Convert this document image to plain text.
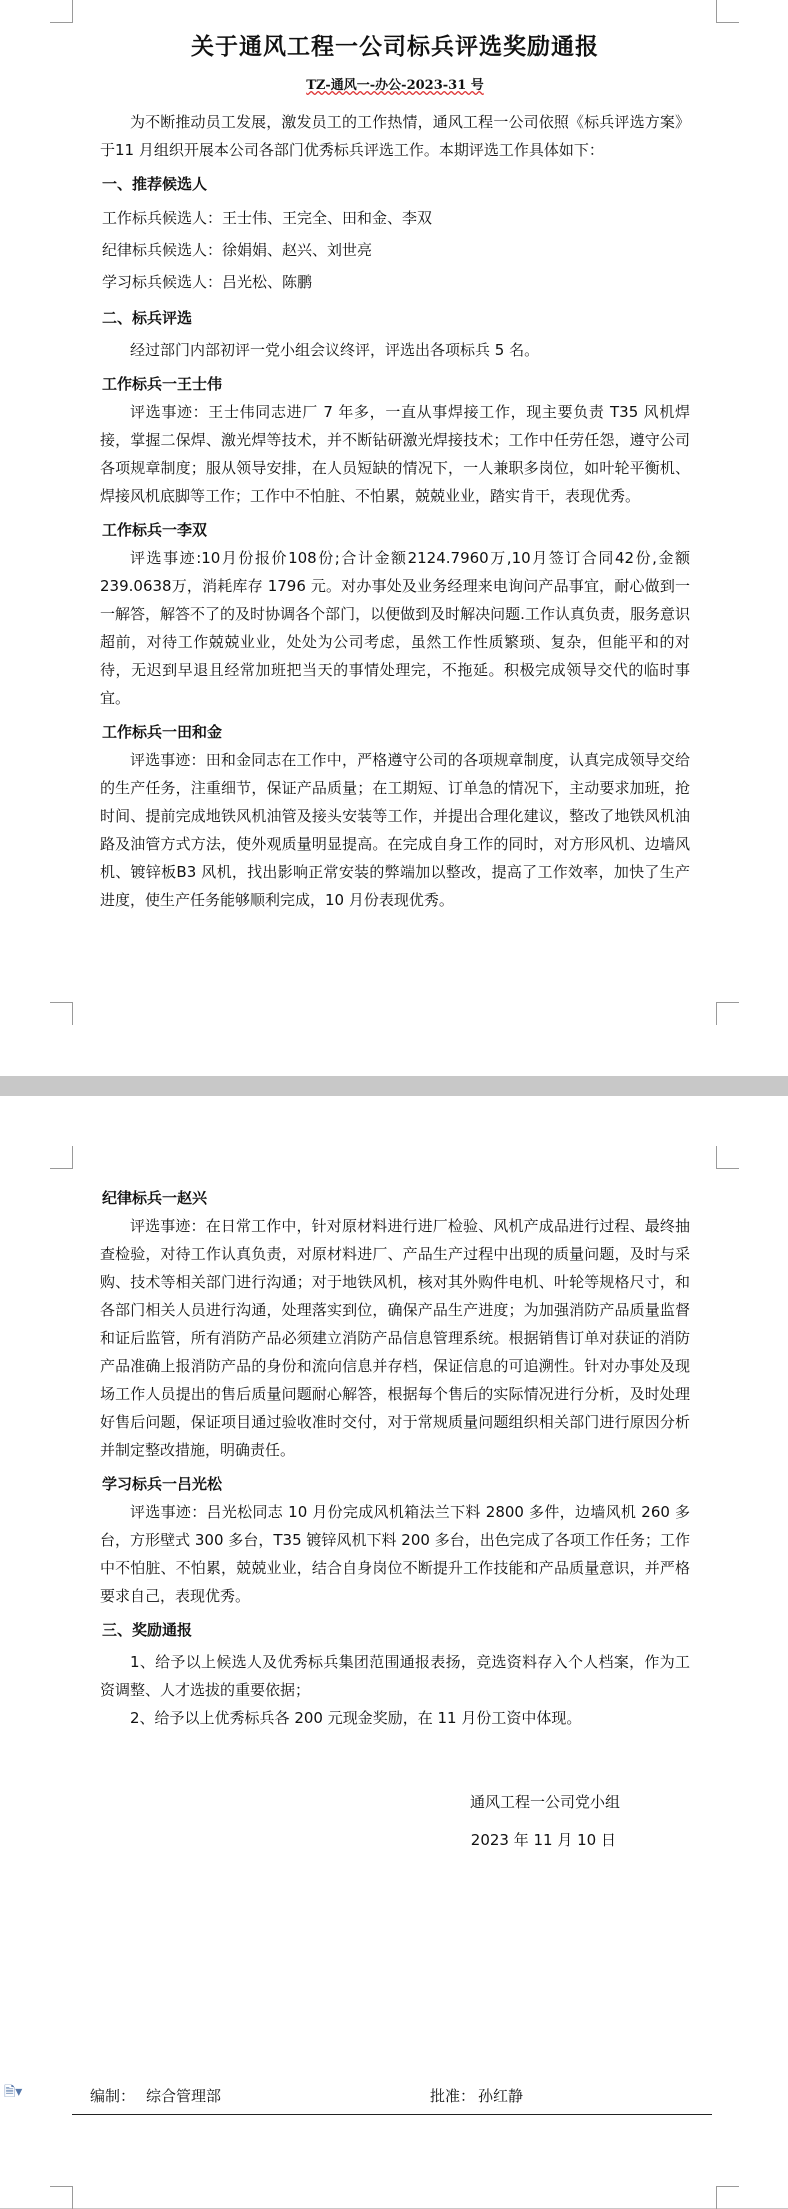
关于通风工程一公司标兵评选奖励通报
TZ-通风一-办公-2023-31 号

为不断推动员工发展，激发员工的工作热情，通风工程一公司依照《标兵评选方案》于11 月组织开展本公司各部门优秀标兵评选工作。本期评选工作具体如下：

一、推荐候选人
工作标兵候选人：王士伟、王完全、田和金、李双
纪律标兵候选人：徐娟娟、赵兴、刘世亮
学习标兵候选人：吕光松、陈鹏
二、标兵评选

经过部门内部初评一党小组会议终评，评选出各项标兵 5 名。

工作标兵一王士伟

评选事迹：王士伟同志进厂 7 年多，一直从事焊接工作，现主要负责 T35 风机焊接，掌握二保焊、激光焊等技术，并不断钻研激光焊接技术；工作中任劳任怨，遵守公司各项规章制度；服从领导安排，在人员短缺的情况下，一人兼职多岗位，如叶轮平衡机、焊接风机底脚等工作；工作中不怕脏、不怕累，兢兢业业，踏实肯干，表现优秀。

工作标兵一李双

评选事迹:10月份报价108份;合计金额2124.7960万,10月签订合同42份,金额239.0638万，消耗库存 1796 元。对办事处及业务经理来电询问产品事宜，耐心做到一一解答，解答不了的及时协调各个部门，以便做到及时解决问题.工作认真负责，服务意识超前，对待工作兢兢业业，处处为公司考虑，虽然工作性质繁琐、复杂，但能平和的对待，无迟到早退且经常加班把当天的事情处理完，不拖延。积极完成领导交代的临时事宜。

工作标兵一田和金

评选事迹：田和金同志在工作中，严格遵守公司的各项规章制度，认真完成领导交给的生产任务，注重细节，保证产品质量；在工期短、订单急的情况下，主动要求加班，抢时间、提前完成地铁风机油管及接头安装等工作，并提出合理化建议，整改了地铁风机油路及油管方式方法，使外观质量明显提高。在完成自身工作的同时，对方形风机、边墙风机、镀锌板B3 风机，找出影响正常安装的弊端加以整改，提高了工作效率，加快了生产进度，使生产任务能够顺利完成，10 月份表现优秀。

纪律标兵一赵兴

评选事迹：在日常工作中，针对原材料进行进厂检验、风机产成品进行过程、最终抽查检验，对待工作认真负责，对原材料进厂、产品生产过程中出现的质量问题，及时与采购、技术等相关部门进行沟通；对于地铁风机，核对其外购件电机、叶轮等规格尺寸，和各部门相关人员进行沟通，处理落实到位，确保产品生产进度；为加强消防产品质量监督和证后监管，所有消防产品必须建立消防产品信息管理系统。根据销售订单对获证的消防产品准确上报消防产品的身份和流向信息并存档，保证信息的可追溯性。针对办事处及现场工作人员提出的售后质量问题耐心解答，根据每个售后的实际情况进行分析，及时处理好售后问题，保证项目通过验收准时交付，对于常规质量问题组织相关部门进行原因分析并制定整改措施，明确责任。

学习标兵一吕光松

评选事迹：吕光松同志 10 月份完成风机箱法兰下料 2800 多件，边墙风机 260 多台，方形壁式 300 多台，T35 镀锌风机下料 200 多台，出色完成了各项工作任务；工作中不怕脏、不怕累，兢兢业业，结合自身岗位不断提升工作技能和产品质量意识，并严格要求自己，表现优秀。

三、奖励通报

1、给予以上候选人及优秀标兵集团范围通报表扬，竞选资料存入个人档案，作为工资调整、人才选拔的重要依据；

2、给予以上优秀标兵各 200 元现金奖励，在 11 月份工资中体现。

通风工程一公司党小组
2023 年 11 月 10 日
🗎▾	编制： 综合管理部	批准： 孙红静
